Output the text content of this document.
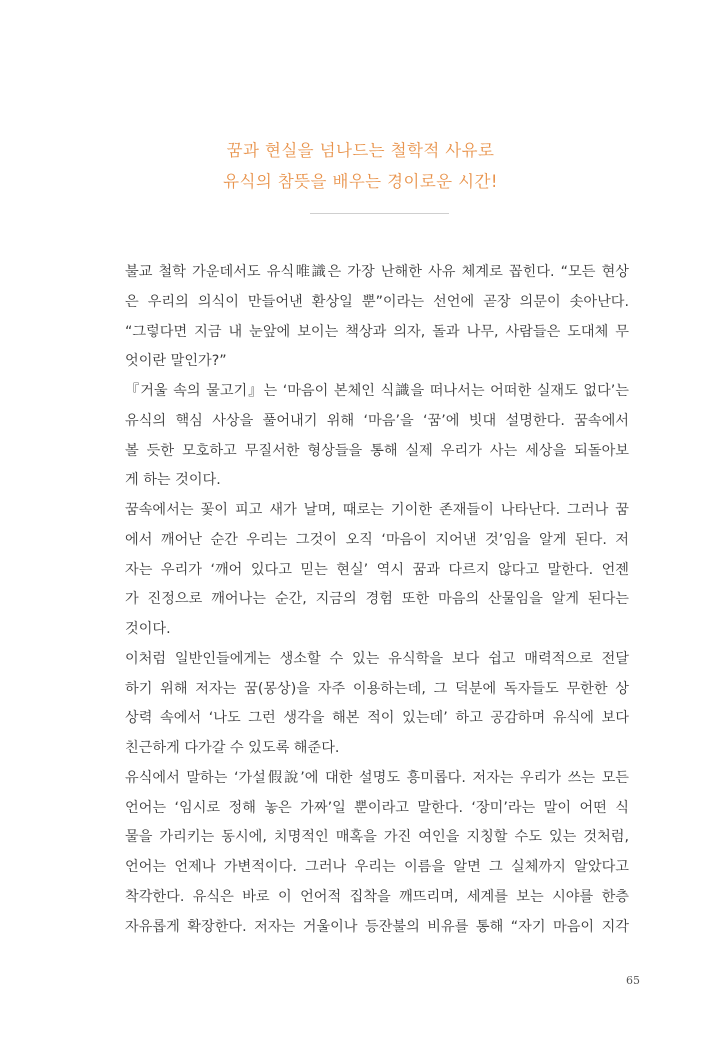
꿈과 현실을 넘나드는 철학적 사유로
유식의 참뜻을 배우는 경이로운 시간!
불교 철학 가운데서도 유식唯識은 가장 난해한 사유 체계로 꼽힌다. “모든 현상
은 우리의 의식이 만들어낸 환상일 뿐”이라는 선언에 곧장 의문이 솟아난다.
“그렇다면 지금 내 눈앞에 보이는 책상과 의자, 돌과 나무, 사람들은 도대체 무
엇이란 말인가?”
『거울 속의 물고기』는 ‘마음이 본체인 식識을 떠나서는 어떠한 실재도 없다’는
유식의 핵심 사상을 풀어내기 위해 ‘마음’을 ‘꿈’에 빗대 설명한다. 꿈속에서
볼 듯한 모호하고 무질서한 형상들을 통해 실제 우리가 사는 세상을 되돌아보
게 하는 것이다.
꿈속에서는 꽃이 피고 새가 날며, 때로는 기이한 존재들이 나타난다. 그러나 꿈
에서 깨어난 순간 우리는 그것이 오직 ‘마음이 지어낸 것’임을 알게 된다. 저
자는 우리가 ‘깨어 있다고 믿는 현실’ 역시 꿈과 다르지 않다고 말한다. 언젠
가 진정으로 깨어나는 순간, 지금의 경험 또한 마음의 산물임을 알게 된다는
것이다.
이처럼 일반인들에게는 생소할 수 있는 유식학을 보다 쉽고 매력적으로 전달
하기 위해 저자는 꿈(몽상)을 자주 이용하는데, 그 덕분에 독자들도 무한한 상
상력 속에서 ‘나도 그런 생각을 해본 적이 있는데’ 하고 공감하며 유식에 보다
친근하게 다가갈 수 있도록 해준다.
유식에서 말하는 ‘가설假說’에 대한 설명도 흥미롭다. 저자는 우리가 쓰는 모든
언어는 ‘임시로 정해 놓은 가짜’일 뿐이라고 말한다. ‘장미’라는 말이 어떤 식
물을 가리키는 동시에, 치명적인 매혹을 가진 여인을 지칭할 수도 있는 것처럼,
언어는 언제나 가변적이다. 그러나 우리는 이름을 알면 그 실체까지 알았다고
착각한다. 유식은 바로 이 언어적 집착을 깨뜨리며, 세계를 보는 시야를 한층
자유롭게 확장한다. 저자는 거울이나 등잔불의 비유를 통해 “자기 마음이 지각
65
